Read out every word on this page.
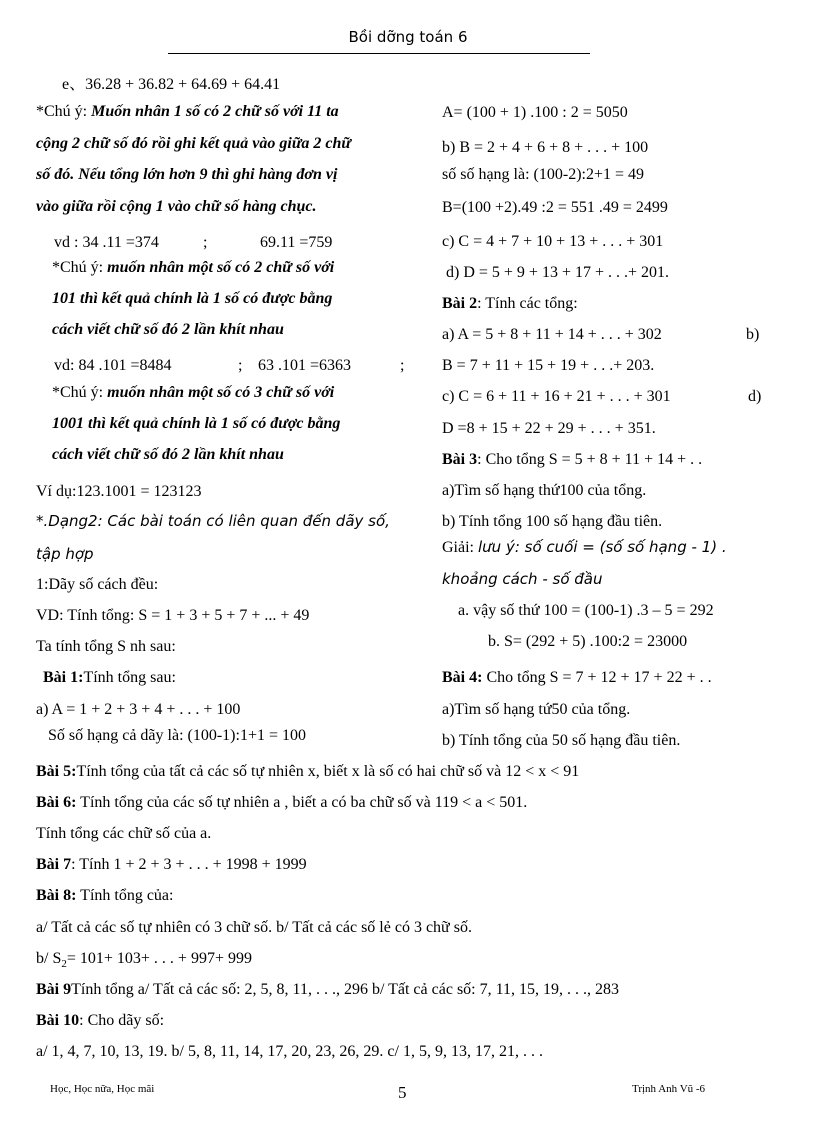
Bồi dỡng toán 6
e、36.28 + 36.82 + 64.69 + 64.41
*Chú ý: Muốn nhân 1 số có 2 chữ số với 11 ta
cộng 2 chữ số đó rồi ghi kết quả vào giữa 2 chữ
số đó. Nếu tổng lớn hơn 9 thì ghi hàng đơn vị
vào giữa rồi cộng 1 vào chữ số hàng chục.
vd : 34 .11 =374	;	69.11 =759
*Chú ý: muốn nhân một số có 2 chữ số với
101 thì kết quả chính là 1 số có được bằng
cách viết chữ số đó 2 lần khít nhau
vd: 84 .101 =8484	; 63 .101 =6363	;
*Chú ý: muốn nhân một số có 3 chữ số với
1001 thì kết quả chính là 1 số có được bằng
cách viết chữ số đó 2 lần khít nhau
Ví dụ:123.1001 = 123123
*.Dạng2: Các bài toán có liên quan đến dãy số,
tập hợp
1:Dãy số cách đều:
VD: Tính tổng: S = 1 + 3 + 5 + 7 + ... + 49
Ta tính tổng S nh sau:
Bài 1:Tính tổng sau:
a) A = 1 + 2 + 3 + 4 + . . . + 100
Số số hạng cả dãy là: (100-1):1+1 = 100
A= (100 + 1) .100 : 2 = 5050
b) B = 2 + 4 + 6 + 8 + . . . + 100
số số hạng là: (100-2):2+1 = 49
B=(100 +2).49 :2 = 551 .49 = 2499
c) C = 4 + 7 + 10 + 13 + . . . + 301
d) D = 5 + 9 + 13 + 17 + . . .+ 201.
Bài 2: Tính các tổng:
a) A = 5 + 8 + 11 + 14 + . . . + 302	b)
B = 7 + 11 + 15 + 19 + . . .+ 203.
c) C = 6 + 11 + 16 + 21 + . . . + 301	d)
D =8 + 15 + 22 + 29 + . . . + 351.
Bài 3: Cho tổng S = 5 + 8 + 11 + 14 + . .
a)Tìm số hạng thứ100 của tổng.
b) Tính tổng 100 số hạng đầu tiên.
Giải: lưu ý: số cuối = (số số hạng - 1) .
khoảng cách - số đầu
a. vậy số thứ 100 = (100-1) .3 – 5 = 292
b. S= (292 + 5) .100:2 = 23000
Bài 4: Cho tổng S = 7 + 12 + 17 + 22 + . .
a)Tìm số hạng tứ50 của tổng.
b) Tính tổng của 50 số hạng đầu tiên.
Bài 5:Tính tổng của tất cả các số tự nhiên x, biết x là số có hai chữ số và 12 < x < 91
Bài 6: Tính tổng của các số tự nhiên a , biết a có ba chữ số và 119 < a < 501.
Tính tổng các chữ số của a.
Bài 7: Tính 1 + 2 + 3 + . . . + 1998 + 1999
Bài 8: Tính tổng của:
a/ Tất cả các số tự nhiên có 3 chữ số. b/ Tất cả các số lẻ có 3 chữ số.
b/ $S_2= 101+ 103+$ . . . + 997+ 999
Bài 9Tính tổng a/ Tất cả các số: 2, 5, 8, 11, . . ., 296 b/ Tất cả các số: 7, 11, 15, 19, . . ., 283
Bài 10: Cho dãy số:
a/ 1, 4, 7, 10, 13, 19. b/ 5, 8, 11, 14, 17, 20, 23, 26, 29. c/ 1, 5, 9, 13, 17, 21, . . .
Học, Học nữa, Học mãi	5	Trịnh Anh Vũ -6
